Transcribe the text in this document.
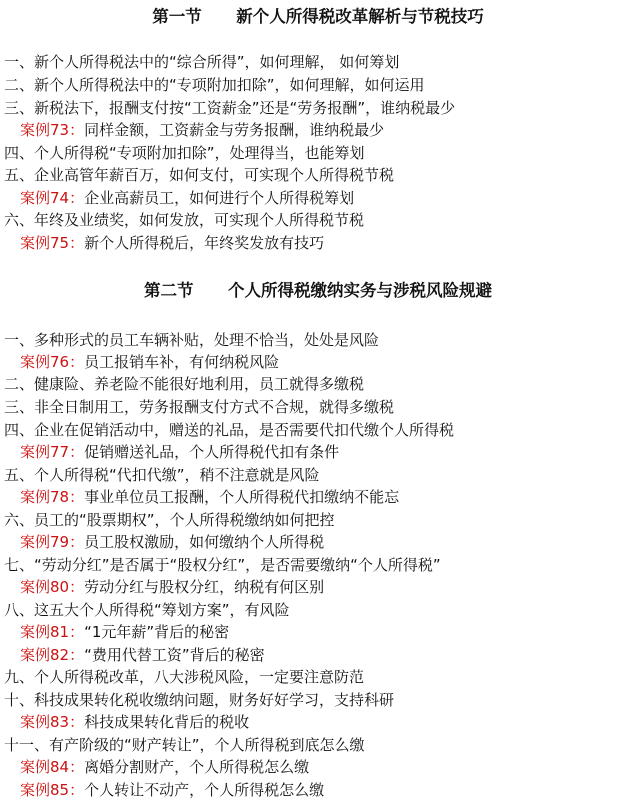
第一节      新个人所得税改革解析与节税技巧
一、新个人所得税法中的“综合所得”，如何理解， 如何筹划
二、新个人所得税法中的“专项附加扣除”，如何理解，如何运用
三、新税法下，报酬支付按“工资薪金”还是“劳务报酬”，谁纳税最少
案例73：同样金额，工资薪金与劳务报酬，谁纳税最少
四、个人所得税“专项附加扣除”，处理得当，也能筹划
五、企业高管年薪百万，如何支付，可实现个人所得税节税
案例74：企业高薪员工，如何进行个人所得税筹划
六、年终及业绩奖，如何发放，可实现个人所得税节税
案例75：新个人所得税后，年终奖发放有技巧
第二节      个人所得税缴纳实务与涉税风险规避
一、多种形式的员工车辆补贴，处理不恰当，处处是风险
案例76：员工报销车补，有何纳税风险
二、健康险、养老险不能很好地利用，员工就得多缴税
三、非全日制用工，劳务报酬支付方式不合规，就得多缴税
四、企业在促销活动中，赠送的礼品，是否需要代扣代缴个人所得税
案例77：促销赠送礼品，个人所得税代扣有条件
五、个人所得税“代扣代缴”，稍不注意就是风险
案例78：事业单位员工报酬，个人所得税代扣缴纳不能忘
六、员工的“股票期权”，个人所得税缴纳如何把控
案例79：员工股权激励，如何缴纳个人所得税
七、“劳动分红”是否属于“股权分红”，是否需要缴纳“个人所得税”
案例80：劳动分红与股权分红，纳税有何区别
八、这五大个人所得税“筹划方案”，有风险
案例81：“1元年薪”背后的秘密
案例82：“费用代替工资”背后的秘密
九、个人所得税改革，八大涉税风险，一定要注意防范
十、科技成果转化税收缴纳问题，财务好好学习，支持科研
案例83：科技成果转化背后的税收
十一、有产阶级的“财产转让”，个人所得税到底怎么缴
案例84：离婚分割财产，个人所得税怎么缴
案例85：个人转让不动产，个人所得税怎么缴
